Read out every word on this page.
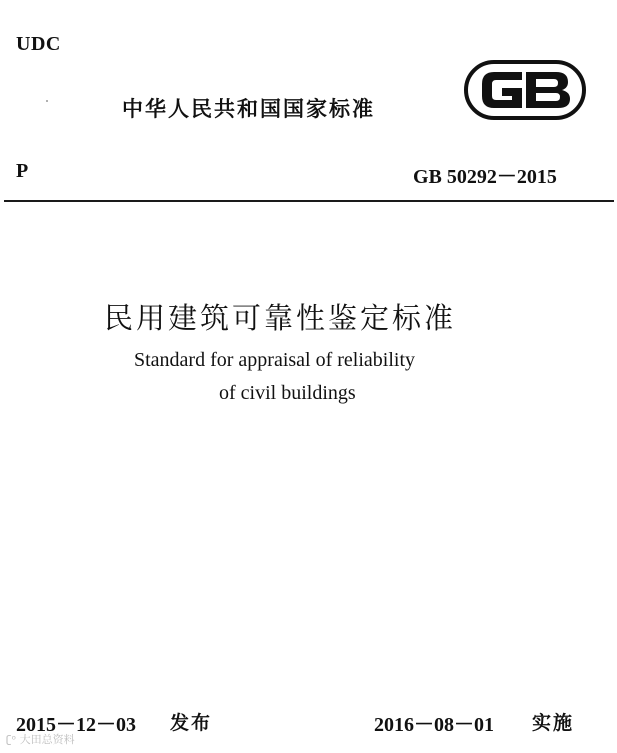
UDC
中华人民共和国国家标准
P	GB 50292－2015
民用建筑可靠性鉴定标准
Standard for appraisal of reliability
of civil buildings
2015－12－03 发布	2016－08－01 实施
ʗᵒ 大田总资料
